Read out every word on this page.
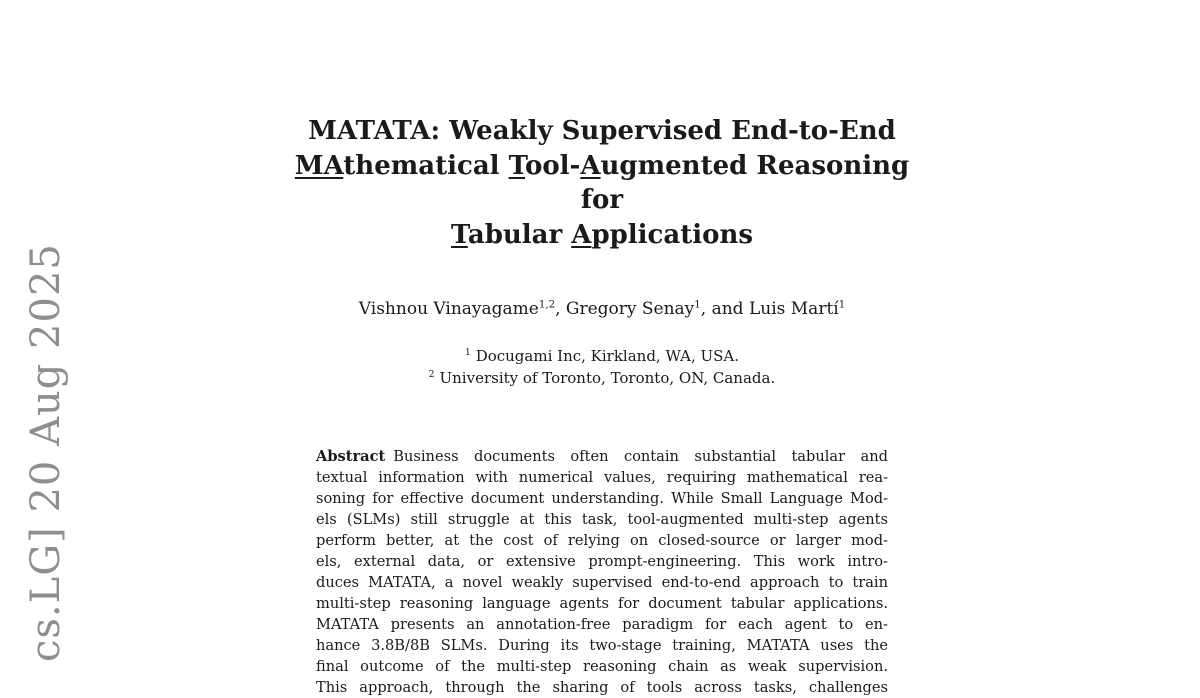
cs.LG] 20 Aug 2025
MATATA: Weakly Supervised End-to-End
MAthematical Tool-Augmented Reasoning for
Tabular Applications
Vishnou Vinayagame$^{1,2}$, Gregory Senay$^1$, and Luis Martí$^1$
$^1$ Docugami Inc, Kirkland, WA, USA.
$^2$ University of Toronto, Toronto, ON, Canada.
Abstract Business documents often contain substantial tabular and
textual information with numerical values, requiring mathematical rea-
soning for effective document understanding. While Small Language Mod-
els (SLMs) still struggle at this task, tool-augmented multi-step agents
perform better, at the cost of relying on closed-source or larger mod-
els, external data, or extensive prompt-engineering. This work intro-
duces MATATA, a novel weakly supervised end-to-end approach to train
multi-step reasoning language agents for document tabular applications.
MATATA presents an annotation-free paradigm for each agent to en-
hance 3.8B/8B SLMs. During its two-stage training, MATATA uses the
final outcome of the multi-step reasoning chain as weak supervision.
This approach, through the sharing of tools across tasks, challenges
